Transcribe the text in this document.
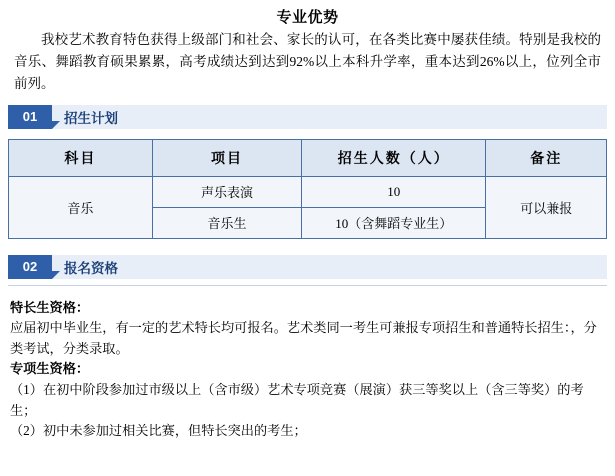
专业优势
我校艺术教育特色获得上级部门和社会、家长的认可，在各类比赛中屡获佳绩。特别是我校的音乐、舞蹈教育硕果累累，高考成绩达到达到92%以上本科升学率，重本达到26%以上，位列全市前列。
01	招生计划
科目	项目	招生人数（人）	备注
音乐	声乐表演	10	可以兼报
	音乐生	10（含舞蹈专业生）	
02	报名资格
特长生资格：
应届初中毕业生，有一定的艺术特长均可报名。艺术类同一考生可兼报专项招生和普通特长招生：，分类考试，分类录取。
专项生资格：
（1）在初中阶段参加过市级以上（含市级）艺术专项竞赛（展演）获三等奖以上（含三等奖）的考生；
（2）初中未参加过相关比赛，但特长突出的考生；
